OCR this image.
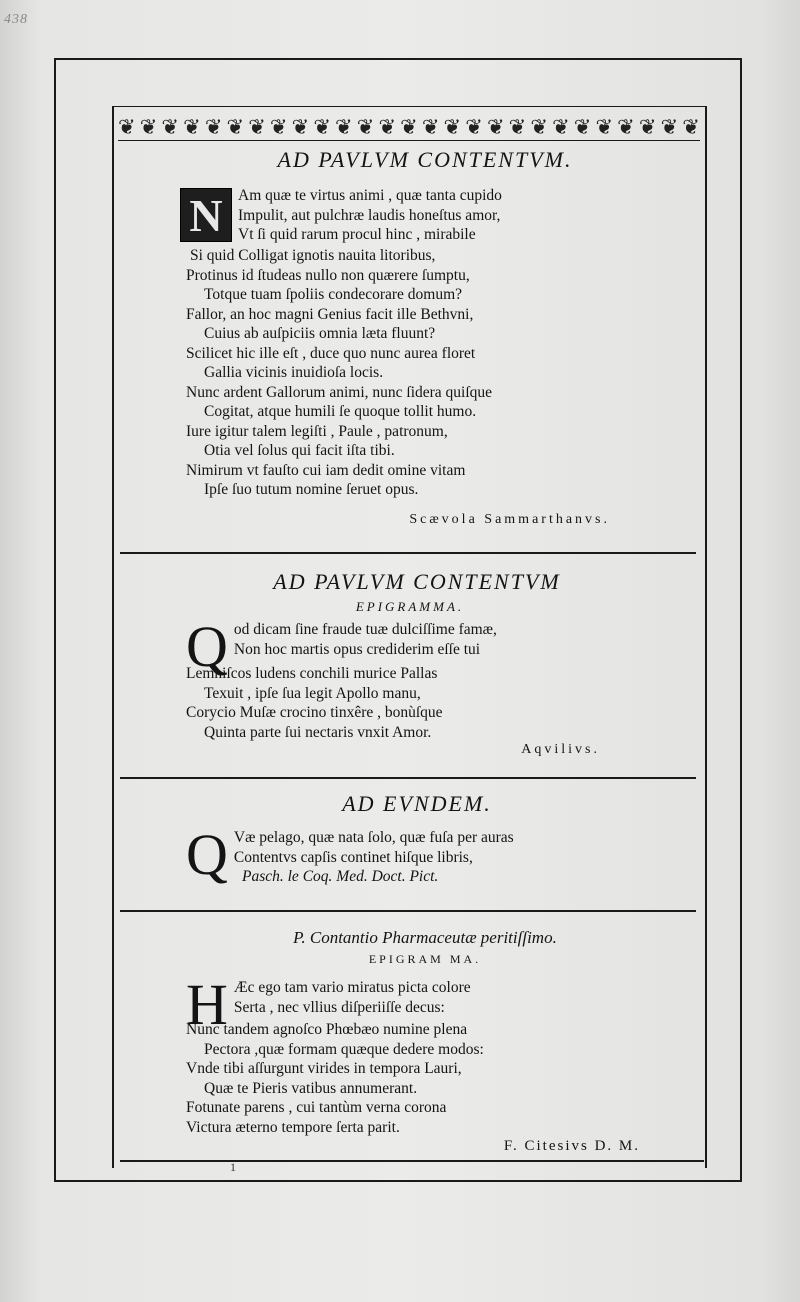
438
❦ ❦ ❦ ❦ ❦ ❦ ❦ ❦ ❦ ❦ ❦ ❦ ❦ ❦ ❦ ❦ ❦ ❦ ❦ ❦ ❦ ❦ ❦ ❦ ❦ ❦ ❦

AD PAVLVM CONTENTVM.

N Am quæ te virtus animi , quæ tanta cupido
Impulit, aut pulchræ laudis honeſtus amor,
Vt ſi quid rarum procul hinc , mirabile
Si quid Colligat ignotis nauita litoribus,
Protinus id ſtudeas nullo non quærere ſumptu,
Totque tuam ſpoliis condecorare domum?
Fallor, an hoc magni Genius facit ille Bethvni,
Cuius ab auſpiciis omnia læta fluunt?
Scilicet hic ille eſt , duce quo nunc aurea floret
Gallia vicinis inuidioſa locis.
Nunc ardent Gallorum animi, nunc ſidera quiſque
Cogitat, atque humili ſe quoque tollit humo.
Iure igitur talem legiſti , Paule , patronum,
Otia vel ſolus qui facit iſta tibi.
Nimirum vt fauſto cui iam dedit omine vitam
Ipſe ſuo tutum nomine ſeruet opus.

Scævola Sammarthanvs.

AD PAVLVM CONTENTVM

EPIGRAMMA.

Q od dicam ſine fraude tuæ dulciſſime famæ,
Non hoc martis opus crediderim eſſe tui
Lemniſcos ludens conchili murice Pallas
Texuit , ipſe ſua legit Apollo manu,
Corycio Muſæ crocino tinxêre , bonùſque
Quinta parte ſui nectaris vnxit Amor.

Aqvilivs.

AD EVNDEM.

Q Væ pelago, quæ nata ſolo, quæ fuſa per auras
Contentvs capſis continet hiſque libris,
Pasch. le Coq. Med. Doct. Pict.

P. Contantio Pharmaceutæ peritiſſimo.

EPIGRAM MA.

H Æc ego tam vario miratus picta colore
Serta , nec vllius diſperiiſſe decus:
Nunc tandem agnoſco Phœbæo numine plena
Pectora ,quæ formam quæque dedere modos:
Vnde tibi aſſurgunt virides in tempora Lauri,
Quæ te Pieris vatibus annumerant.
Fotunate parens , cui tantùm verna corona
Victura æterno tempore ſerta parit.

F. Citesivs D. M.

1
